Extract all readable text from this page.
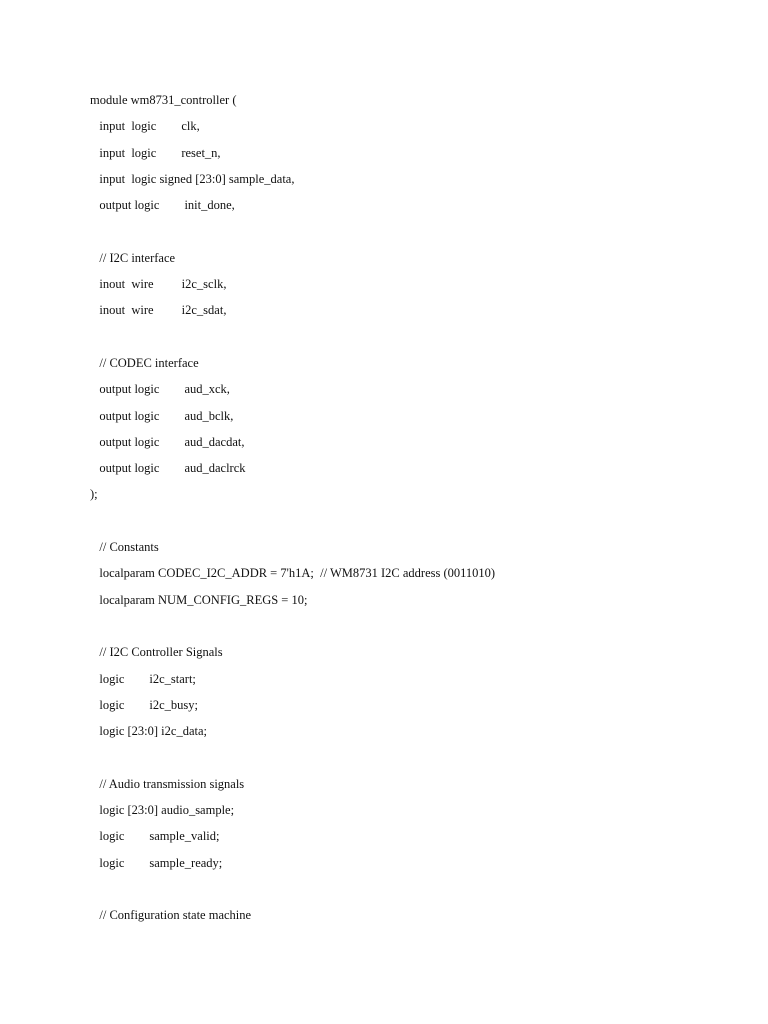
module wm8731_controller (
input  logic        clk,
input  logic        reset_n,
input  logic signed [23:0] sample_data,
output logic        init_done,
// I2C interface
inout  wire         i2c_sclk,
inout  wire         i2c_sdat,
// CODEC interface
output logic        aud_xck,
output logic        aud_bclk,
output logic        aud_dacdat,
output logic        aud_daclrck
);
// Constants
localparam CODEC_I2C_ADDR = 7'h1A;  // WM8731 I2C address (0011010)
localparam NUM_CONFIG_REGS = 10;
// I2C Controller Signals
logic        i2c_start;
logic        i2c_busy;
logic [23:0] i2c_data;
// Audio transmission signals
logic [23:0] audio_sample;
logic        sample_valid;
logic        sample_ready;
// Configuration state machine
